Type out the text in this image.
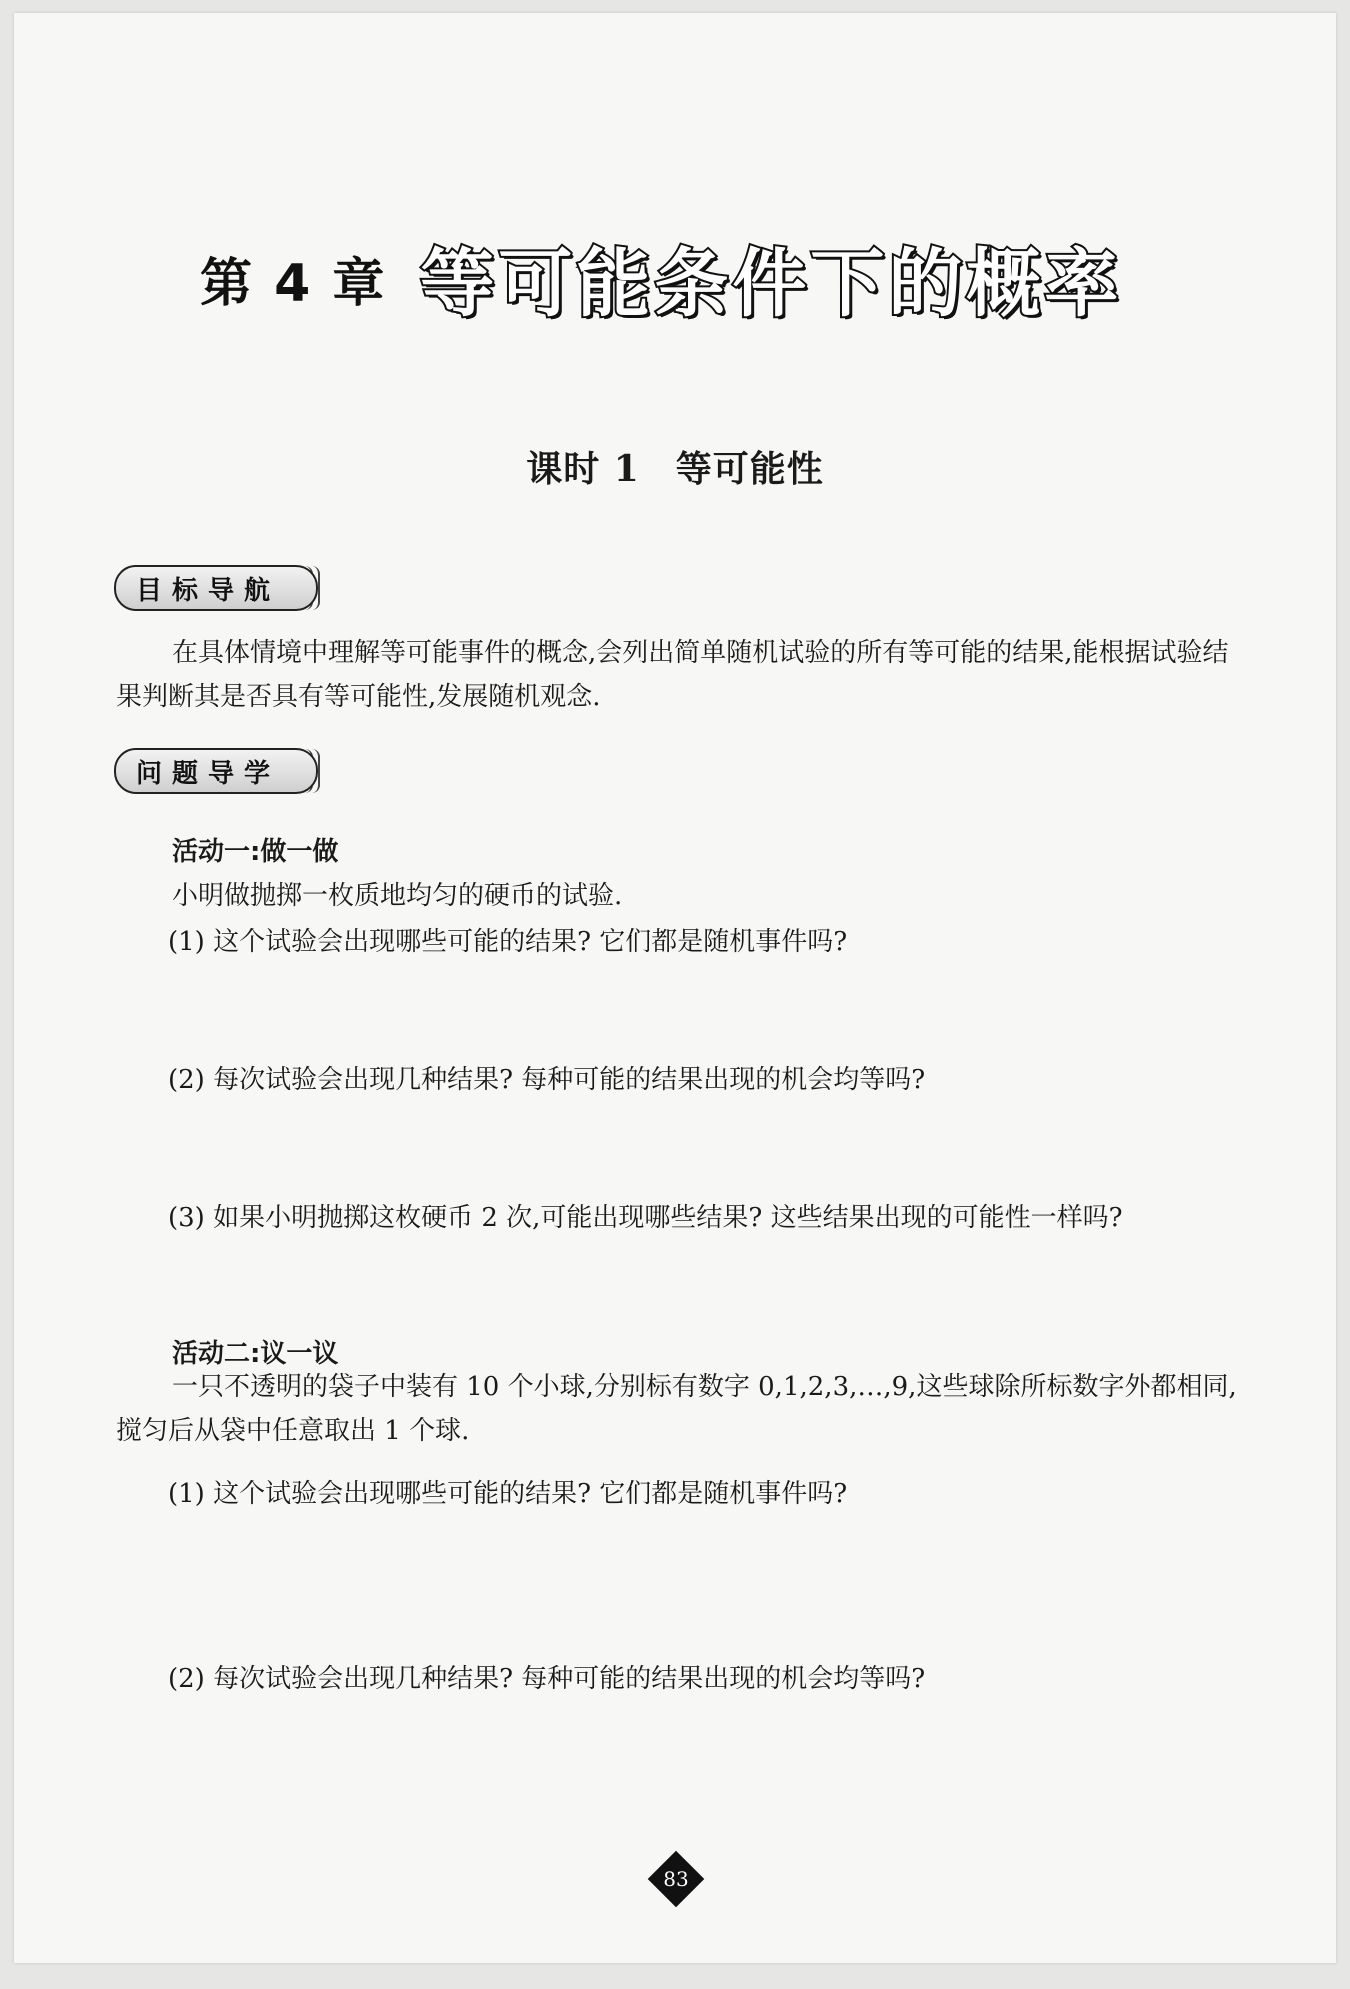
第 4 章 等可能条件下的概率
课时 1 等可能性
目标导航
在具体情境中理解等可能事件的概念,会列出简单随机试验的所有等可能的结果,能根据试验结果判断其是否具有等可能性,发展随机观念.
问题导学
活动一:做一做
小明做抛掷一枚质地均匀的硬币的试验.
(1) 这个试验会出现哪些可能的结果? 它们都是随机事件吗?
(2) 每次试验会出现几种结果? 每种可能的结果出现的机会均等吗?
(3) 如果小明抛掷这枚硬币 2 次,可能出现哪些结果? 这些结果出现的可能性一样吗?
活动二:议一议
一只不透明的袋子中装有 10 个小球,分别标有数字 0,1,2,3,…,9,这些球除所标数字外都相同,搅匀后从袋中任意取出 1 个球.
(1) 这个试验会出现哪些可能的结果? 它们都是随机事件吗?
(2) 每次试验会出现几种结果? 每种可能的结果出现的机会均等吗?
83
